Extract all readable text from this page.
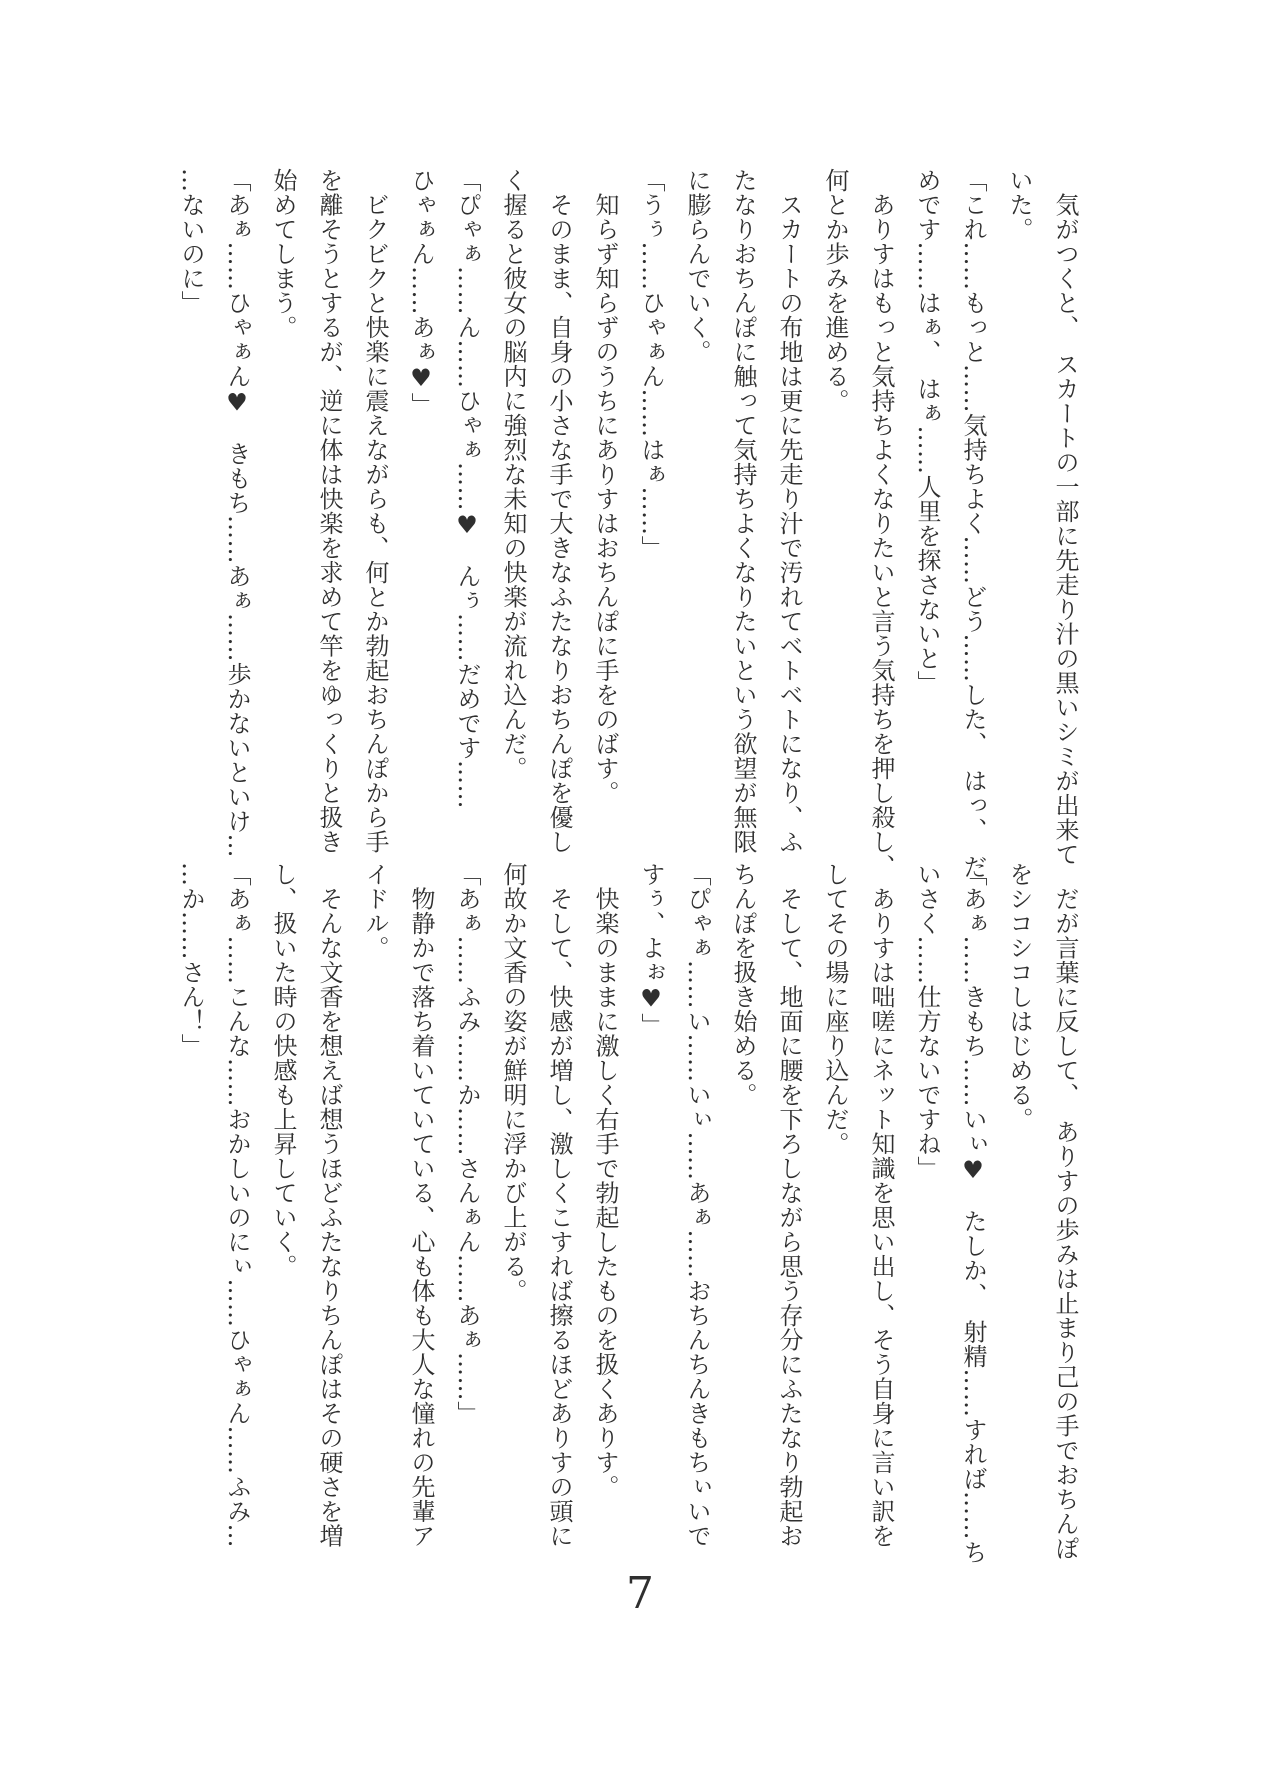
　気がつくと、　スカートの一部に先走り汁の黒いシミが出来て

いた。

「これ……もっと……気持ちよく……どう……した、　はっ、　だ

めです……はぁ、　はぁ……人里を探さないと」

　ありすはもっと気持ちよくなりたいと言う気持ちを押し殺し、

何とか歩みを進める。

　スカートの布地は更に先走り汁で汚れてベトベトになり、ふ

たなりおちんぽに触って気持ちよくなりたいという欲望が無限

に膨らんでいく。

「うぅ……ひゃぁん……はぁ……」

　知らず知らずのうちにありすはおちんぽに手をのばす。

　そのまま、自身の小さな手で大きなふたなりおちんぽを優し

く握ると彼女の脳内に強烈な未知の快楽が流れ込んだ。

「ぴゃぁ……ん……ひゃぁ……♥　んぅ……だめです……

ひゃぁん……あぁ♥」

　ビクビクと快楽に震えながらも、何とか勃起おちんぽから手

を離そうとするが、逆に体は快楽を求めて竿をゆっくりと扱き

始めてしまう。

「あぁ……ひゃぁん♥　きもち……あぁ……歩かないといけ…

…ないのに」

　だが言葉に反して、　ありすの歩みは止まり己の手でおちんぽ

をシコシコしはじめる。

「あぁ……きもち……いぃ♥　たしか、　射精……すれば……ち

いさく……仕方ないですね」

　ありすは咄嗟にネット知識を思い出し、そう自身に言い訳を

してその場に座り込んだ。

　そして、地面に腰を下ろしながら思う存分にふたなり勃起お

ちんぽを扱き始める。

「ぴゃぁ……い……いぃ……あぁ……おちんちんきもちぃいで

すぅ、よぉ♥」

　快楽のままに激しく右手で勃起したものを扱くありす。

　そして、快感が増し、激しくこすれば擦るほどありすの頭に

何故か文香の姿が鮮明に浮かび上がる。

「あぁ……ふみ……か……さんぁん……あぁ……」

　物静かで落ち着いていている、心も体も大人な憧れの先輩ア

イドル。

　そんな文香を想えば想うほどふたなりちんぽはその硬さを増

し、扱いた時の快感も上昇していく。

「あぁ……こんな……おかしいのにぃ……ひゃぁん……ふみ…

…か……さん！」

7
